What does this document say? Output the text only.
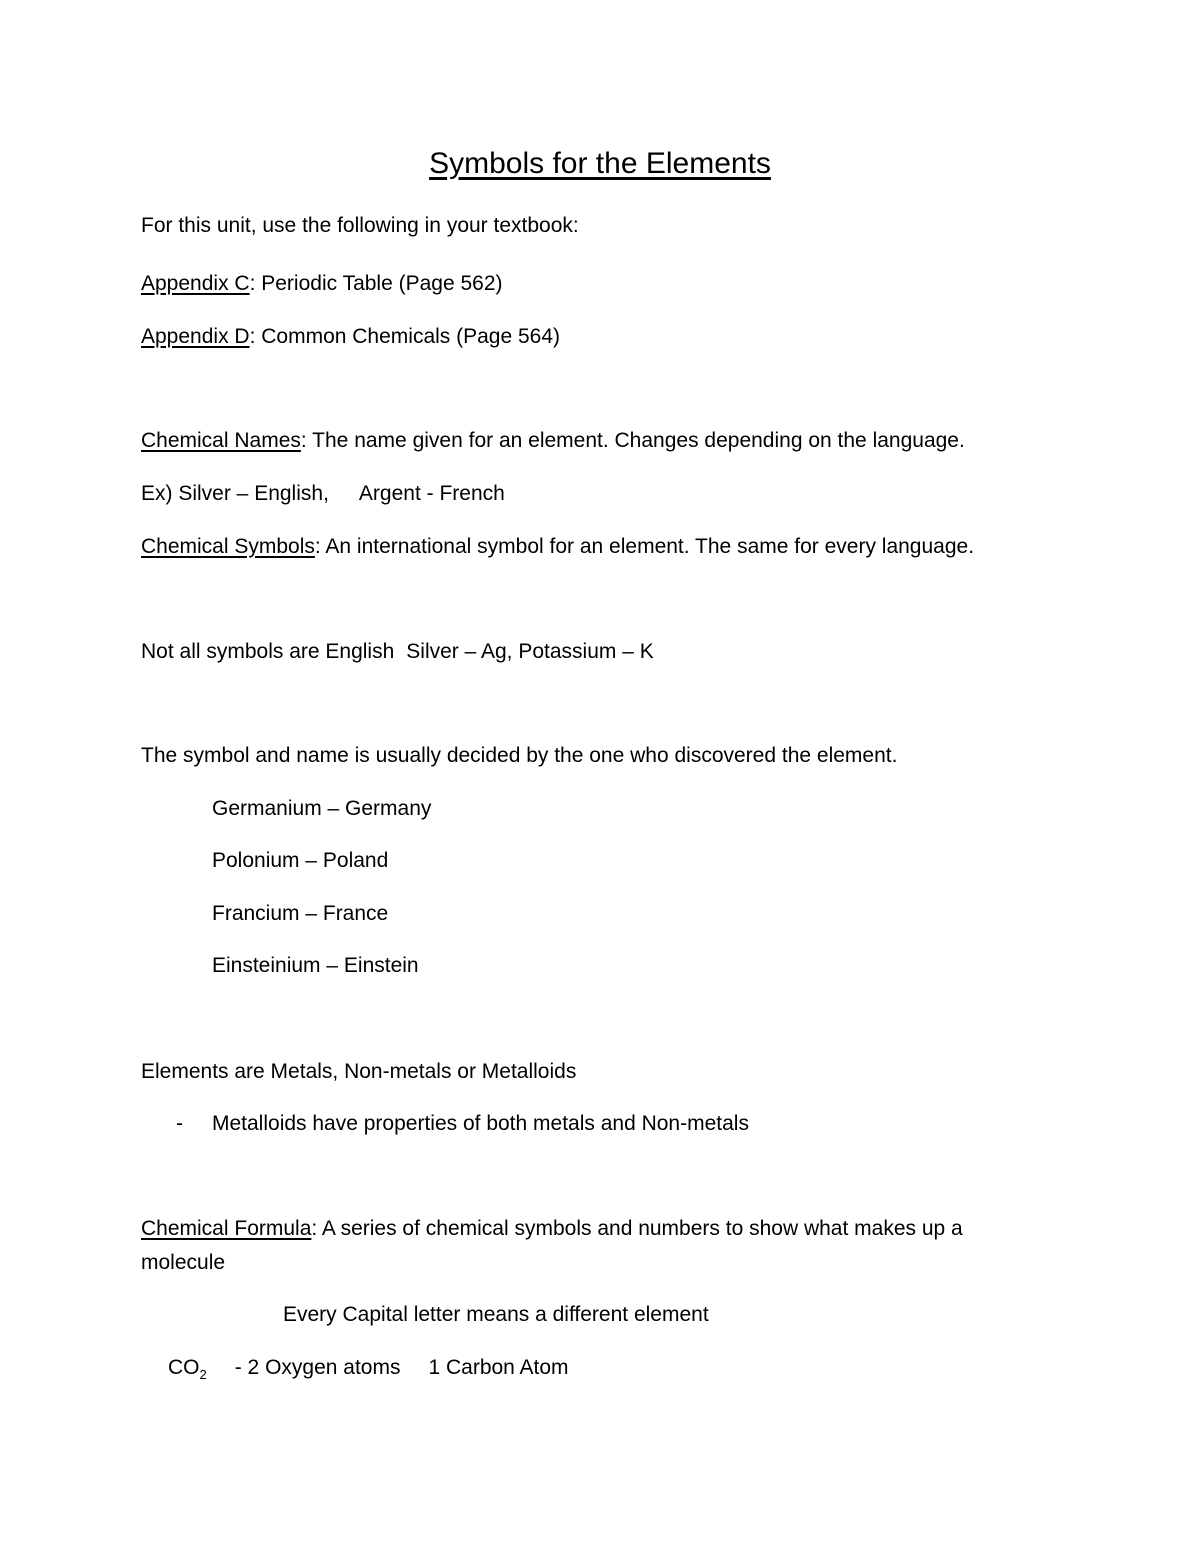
Symbols for the Elements
For this unit, use the following in your textbook:
Appendix C: Periodic Table (Page 562)
Appendix D: Common Chemicals (Page 564)
Chemical Names: The name given for an element. Changes depending on the language.
Ex) Silver – English, Argent - French
Chemical Symbols: An international symbol for an element. The same for every language.
Not all symbols are English Silver – Ag, Potassium – K
The symbol and name is usually decided by the one who discovered the element.
Germanium – Germany
Polonium – Poland
Francium – France
Einsteinium – Einstein
Elements are Metals, Non-metals or Metalloids
- Metalloids have properties of both metals and Non-metals
Chemical Formula: A series of chemical symbols and numbers to show what makes up a
molecule
Every Capital letter means a different element
$CO_2 - 2$ Oxygen atoms 1 Carbon Atom
